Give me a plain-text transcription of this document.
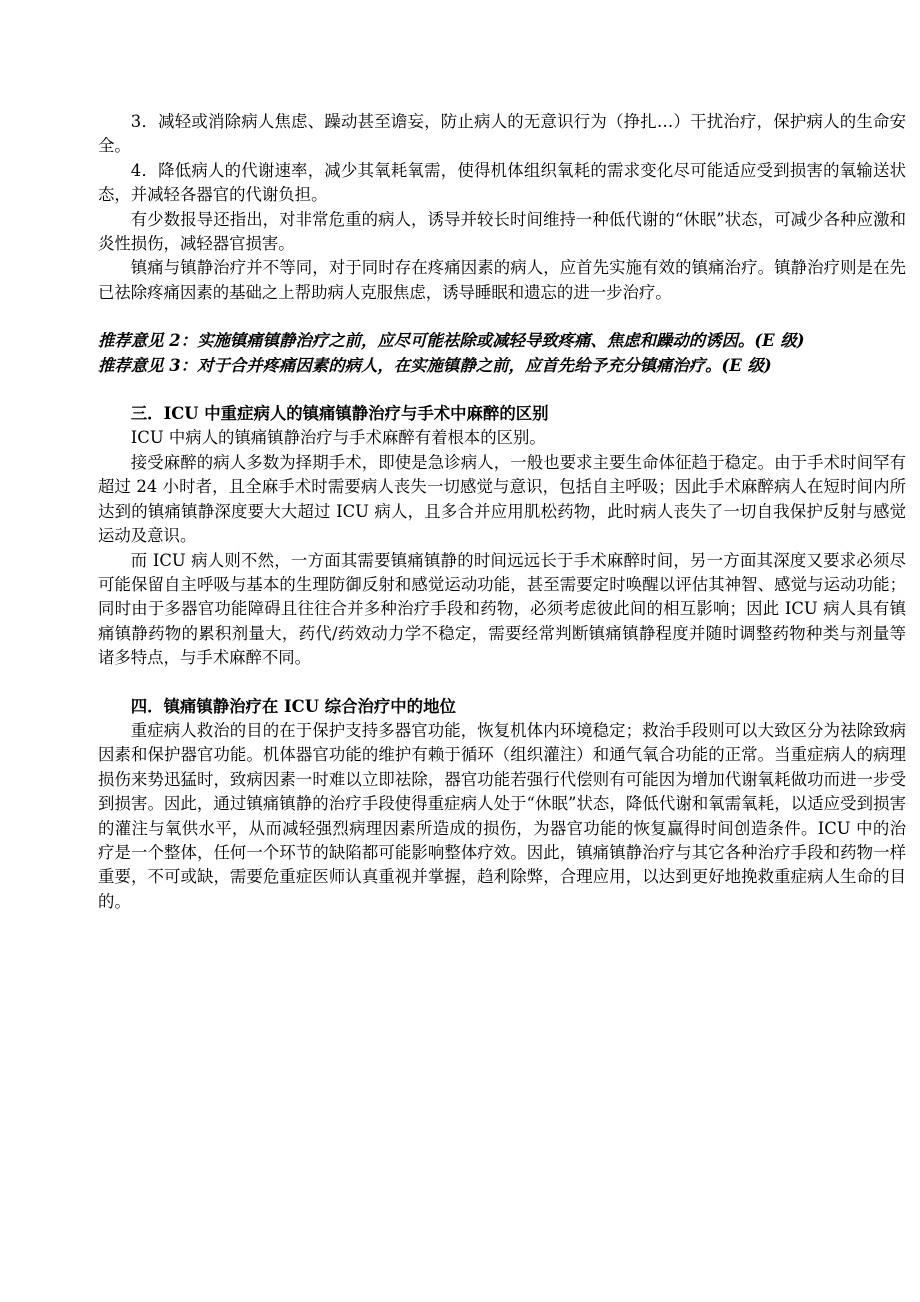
3．减轻或消除病人焦虑、躁动甚至谵妄，防止病人的无意识行为（挣扎…）干扰治疗，保护病人的生命安全。

4．降低病人的代谢速率，减少其氧耗氧需，使得机体组织氧耗的需求变化尽可能适应受到损害的氧输送状态，并减轻各器官的代谢负担。

有少数报导还指出，对非常危重的病人，诱导并较长时间维持一种低代谢的“休眠”状态，可减少各种应激和炎性损伤，减轻器官损害。

镇痛与镇静治疗并不等同，对于同时存在疼痛因素的病人，应首先实施有效的镇痛治疗。镇静治疗则是在先已祛除疼痛因素的基础之上帮助病人克服焦虑，诱导睡眠和遗忘的进一步治疗。

推荐意见 2：实施镇痛镇静治疗之前，应尽可能祛除或减轻导致疼痛、焦虑和躁动的诱因。(E 级)

推荐意见 3：对于合并疼痛因素的病人，在实施镇静之前，应首先给予充分镇痛治疗。(E 级)

三．ICU 中重症病人的镇痛镇静治疗与手术中麻醉的区别

ICU 中病人的镇痛镇静治疗与手术麻醉有着根本的区别。

接受麻醉的病人多数为择期手术，即使是急诊病人，一般也要求主要生命体征趋于稳定。由于手术时间罕有超过 24 小时者，且全麻手术时需要病人丧失一切感觉与意识，包括自主呼吸；因此手术麻醉病人在短时间内所达到的镇痛镇静深度要大大超过 ICU 病人，且多合并应用肌松药物，此时病人丧失了一切自我保护反射与感觉运动及意识。

而 ICU 病人则不然，一方面其需要镇痛镇静的时间远远长于手术麻醉时间，另一方面其深度又要求必须尽可能保留自主呼吸与基本的生理防御反射和感觉运动功能，甚至需要定时唤醒以评估其神智、感觉与运动功能；同时由于多器官功能障碍且往往合并多种治疗手段和药物，必须考虑彼此间的相互影响；因此 ICU 病人具有镇痛镇静药物的累积剂量大，药代/药效动力学不稳定，需要经常判断镇痛镇静程度并随时调整药物种类与剂量等诸多特点，与手术麻醉不同。

四．镇痛镇静治疗在 ICU 综合治疗中的地位

重症病人救治的目的在于保护支持多器官功能，恢复机体内环境稳定；救治手段则可以大致区分为祛除致病因素和保护器官功能。机体器官功能的维护有赖于循环（组织灌注）和通气氧合功能的正常。当重症病人的病理损伤来势迅猛时，致病因素一时难以立即祛除，器官功能若强行代偿则有可能因为增加代谢氧耗做功而进一步受到损害。因此，通过镇痛镇静的治疗手段使得重症病人处于“休眠”状态，降低代谢和氧需氧耗，以适应受到损害的灌注与氧供水平，从而减轻强烈病理因素所造成的损伤，为器官功能的恢复赢得时间创造条件。ICU 中的治疗是一个整体，任何一个环节的缺陷都可能影响整体疗效。因此，镇痛镇静治疗与其它各种治疗手段和药物一样重要，不可或缺，需要危重症医师认真重视并掌握，趋利除弊，合理应用，以达到更好地挽救重症病人生命的目的。
